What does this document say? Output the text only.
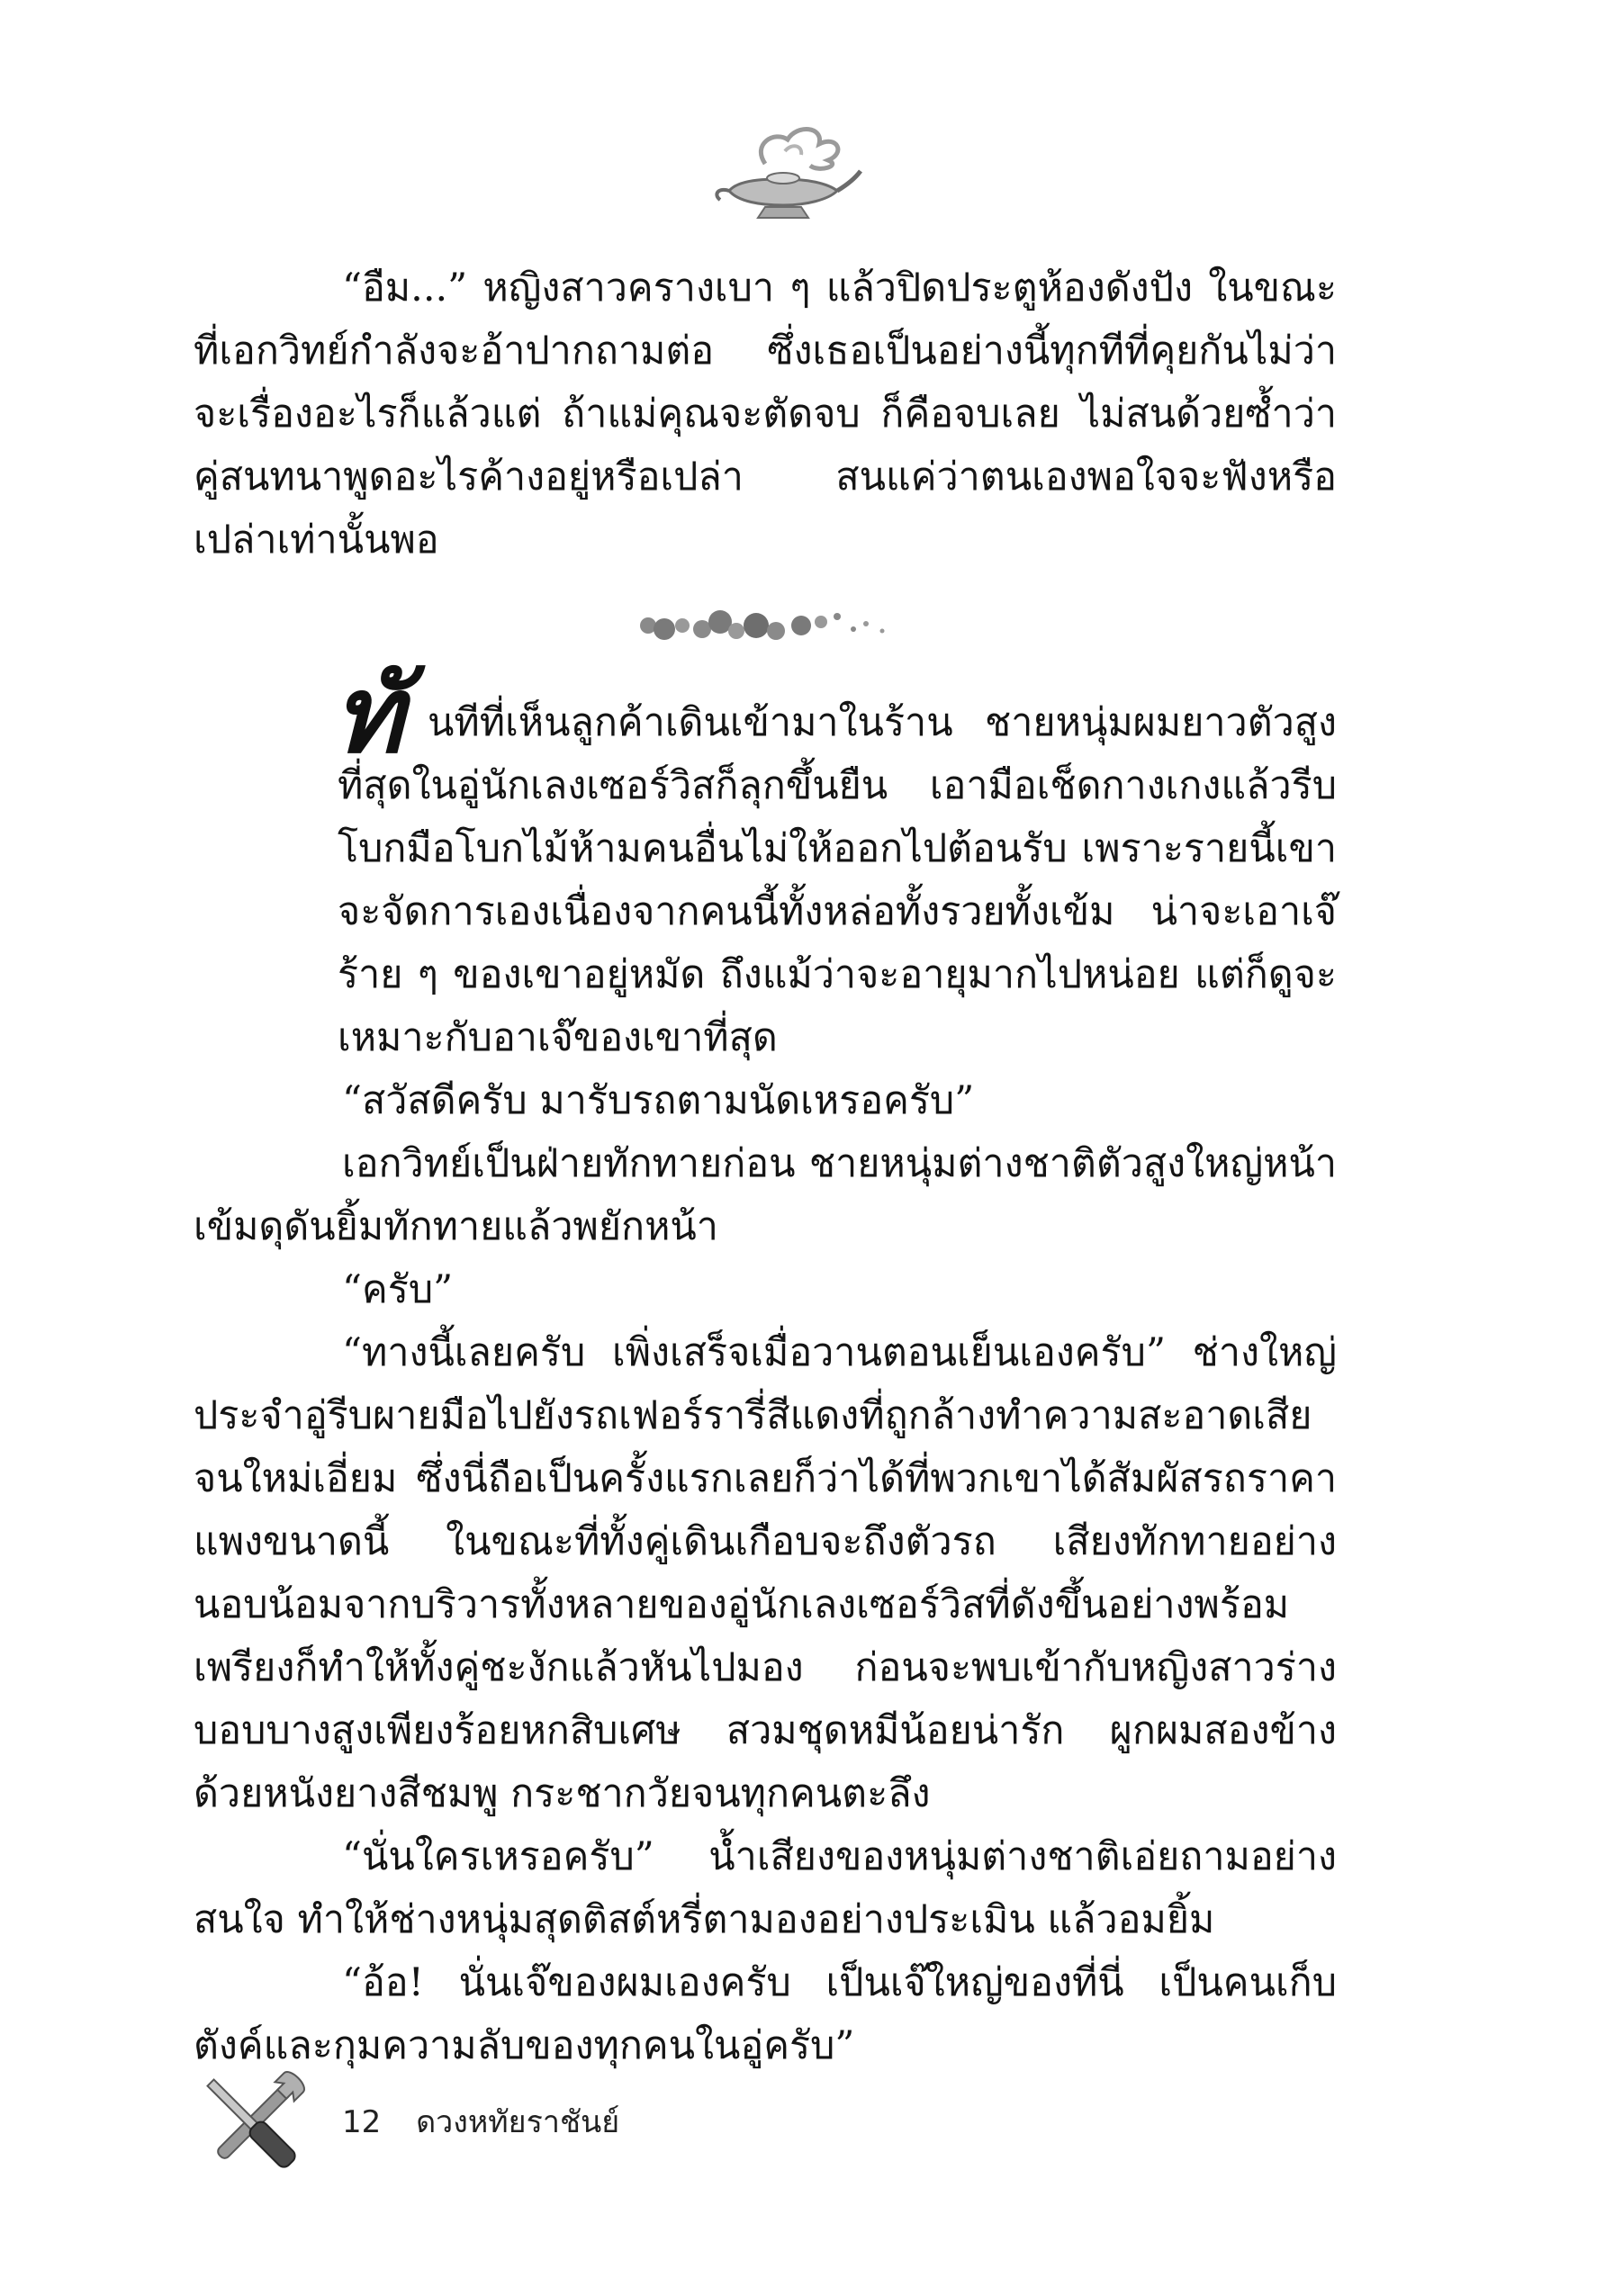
“อืม...” หญิงสาวครางเบา ๆ แล้วปิดประตูห้องดังปัง ในขณะที่เอกวิทย์กำลังจะอ้าปากถามต่อ ซึ่งเธอเป็นอย่างนี้ทุกทีที่คุยกันไม่ว่าจะเรื่องอะไรก็แล้วแต่ ถ้าแม่คุณจะตัดจบ ก็คือจบเลย ไม่สนด้วยซ้ำว่าคู่สนทนาพูดอะไรค้างอยู่หรือเปล่า สนแค่ว่าตนเองพอใจจะฟังหรือเปล่าเท่านั้นพอ

ทั นทีที่เห็นลูกค้าเดินเข้ามาในร้าน ชายหนุ่มผมยาวตัวสูงที่สุดในอู่นักเลงเซอร์วิสก็ลุกขึ้นยืน เอามือเช็ดกางเกงแล้วรีบโบกมือโบกไม้ห้ามคนอื่นไม่ให้ออกไปต้อนรับ เพราะรายนี้เขาจะจัดการเองเนื่องจากคนนี้ทั้งหล่อทั้งรวยทั้งเข้ม น่าจะเอาเจ๊ร้าย ๆ ของเขาอยู่หมัด ถึงแม้ว่าจะอายุมากไปหน่อย แต่ก็ดูจะเหมาะกับอาเจ๊ของเขาที่สุด

“สวัสดีครับ มารับรถตามนัดเหรอครับ”

เอกวิทย์เป็นฝ่ายทักทายก่อน ชายหนุ่มต่างชาติตัวสูงใหญ่หน้าเข้มดุดันยิ้มทักทายแล้วพยักหน้า

“ครับ”

“ทางนี้เลยครับ เพิ่งเสร็จเมื่อวานตอนเย็นเองครับ” ช่างใหญ่ประจำอู่รีบผายมือไปยังรถเฟอร์รารี่สีแดงที่ถูกล้างทำความสะอาดเสียจนใหม่เอี่ยม ซึ่งนี่ถือเป็นครั้งแรกเลยก็ว่าได้ที่พวกเขาได้สัมผัสรถราคาแพงขนาดนี้ ในขณะที่ทั้งคู่เดินเกือบจะถึงตัวรถ เสียงทักทายอย่างนอบน้อมจากบริวารทั้งหลายของอู่นักเลงเซอร์วิสที่ดังขึ้นอย่างพร้อมเพรียงก็ทำให้ทั้งคู่ชะงักแล้วหันไปมอง ก่อนจะพบเข้ากับหญิงสาวร่างบอบบางสูงเพียงร้อยหกสิบเศษ สวมชุดหมีน้อยน่ารัก ผูกผมสองข้างด้วยหนังยางสีชมพู กระชากวัยจนทุกคนตะลึง

“นั่นใครเหรอครับ” น้ำเสียงของหนุ่มต่างชาติเอ่ยถามอย่างสนใจ ทำให้ช่างหนุ่มสุดติสต์หรี่ตามองอย่างประเมิน แล้วอมยิ้ม

“อ้อ! นั่นเจ๊ของผมเองครับ เป็นเจ๊ใหญ่ของที่นี่ เป็นคนเก็บตังค์และกุมความลับของทุกคนในอู่ครับ”

12 ดวงหทัยราชันย์
